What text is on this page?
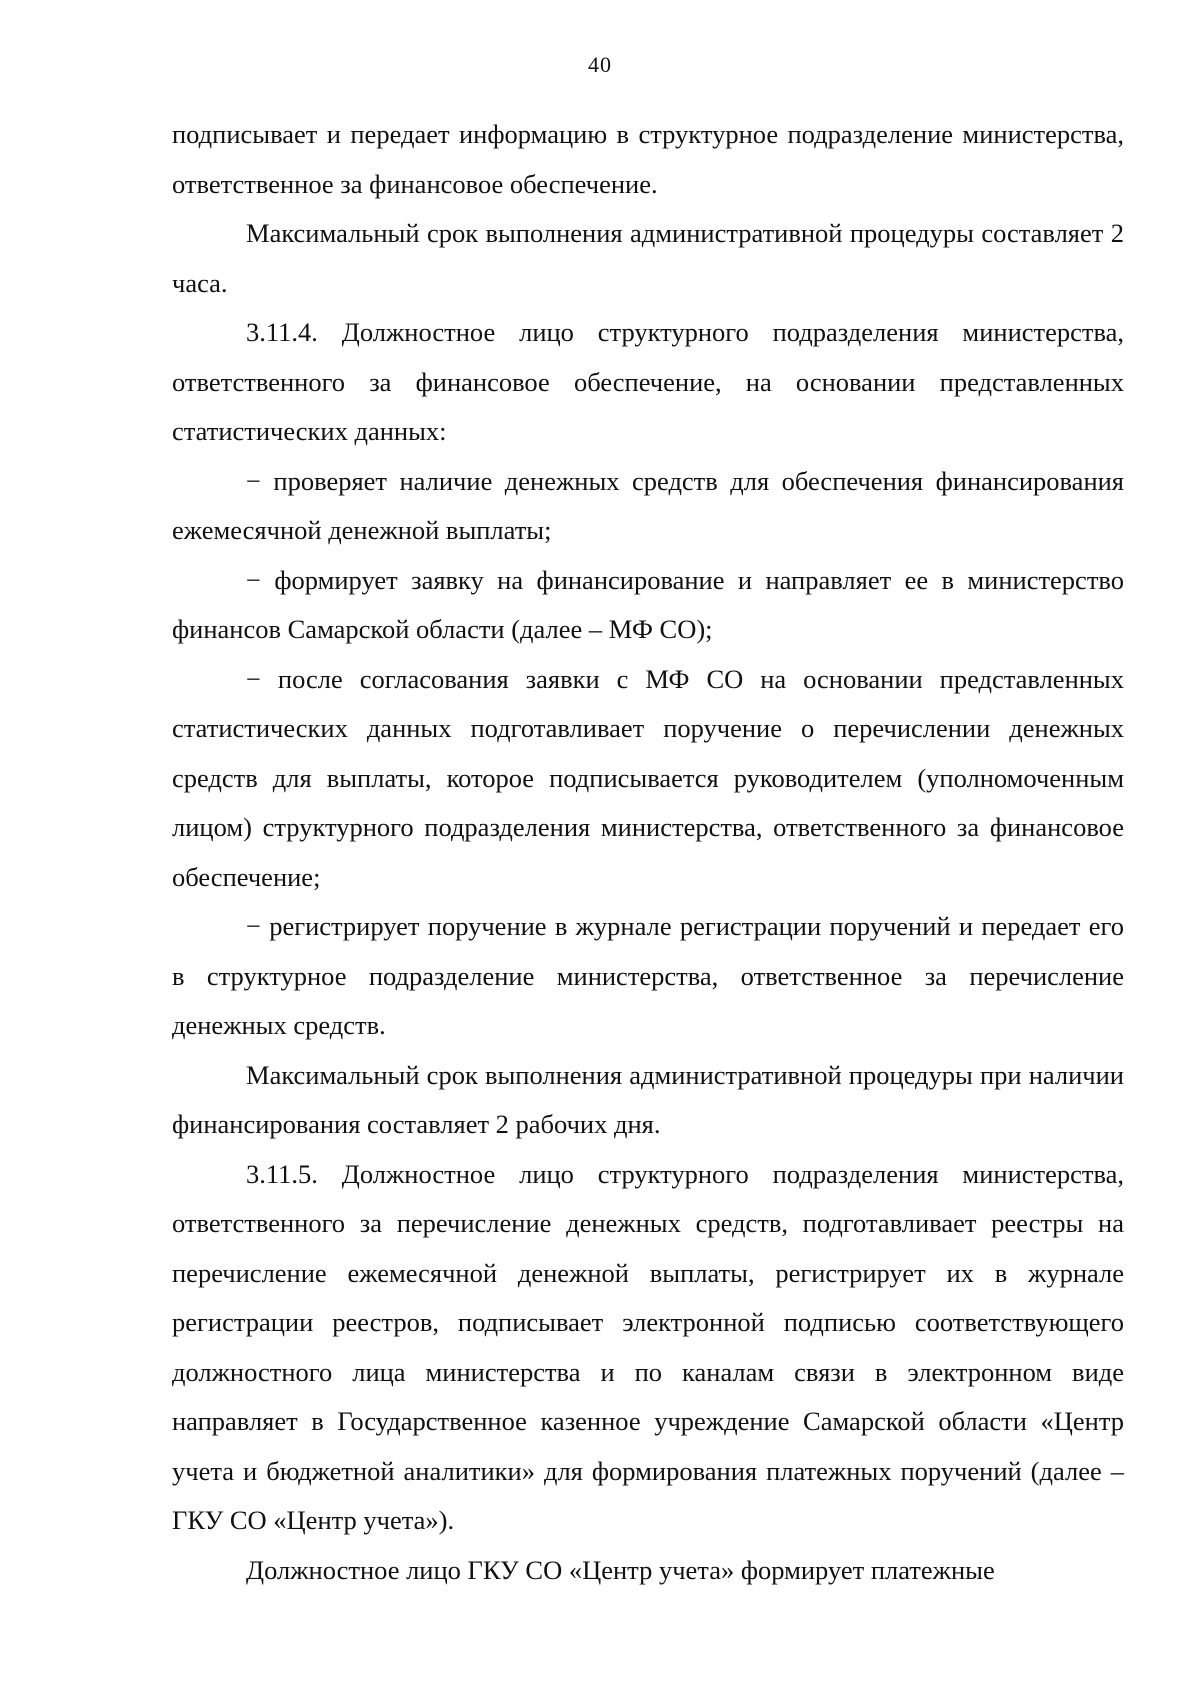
40

подписывает и передает информацию в структурное подразделение министерства, ответственное за финансовое обеспечение.

Максимальный срок выполнения административной процедуры составляет 2 часа.

3.11.4. Должностное лицо структурного подразделения министерства, ответственного за финансовое обеспечение, на основании представленных статистических данных:

− проверяет наличие денежных средств для обеспечения финансирования ежемесячной денежной выплаты;

− формирует заявку на финансирование и направляет ее в министерство финансов Самарской области (далее – МФ СО);

− после согласования заявки с МФ СО на основании представленных статистических данных подготавливает поручение о перечислении денежных средств для выплаты, которое подписывается руководителем (уполномоченным лицом) структурного подразделения министерства, ответственного за финансовое обеспечение;

− регистрирует поручение в журнале регистрации поручений и передает его в структурное подразделение министерства, ответственное за перечисление денежных средств.

Максимальный срок выполнения административной процедуры при наличии финансирования составляет 2 рабочих дня.

3.11.5. Должностное лицо структурного подразделения министерства, ответственного за перечисление денежных средств, подготавливает реестры на перечисление ежемесячной денежной выплаты, регистрирует их в журнале регистрации реестров, подписывает электронной подписью соответствующего должностного лица министерства и по каналам связи в электронном виде направляет в Государственное казенное учреждение Самарской области «Центр учета и бюджетной аналитики» для формирования платежных поручений (далее – ГКУ СО «Центр учета»).

Должностное лицо ГКУ СО «Центр учета» формирует платежные
